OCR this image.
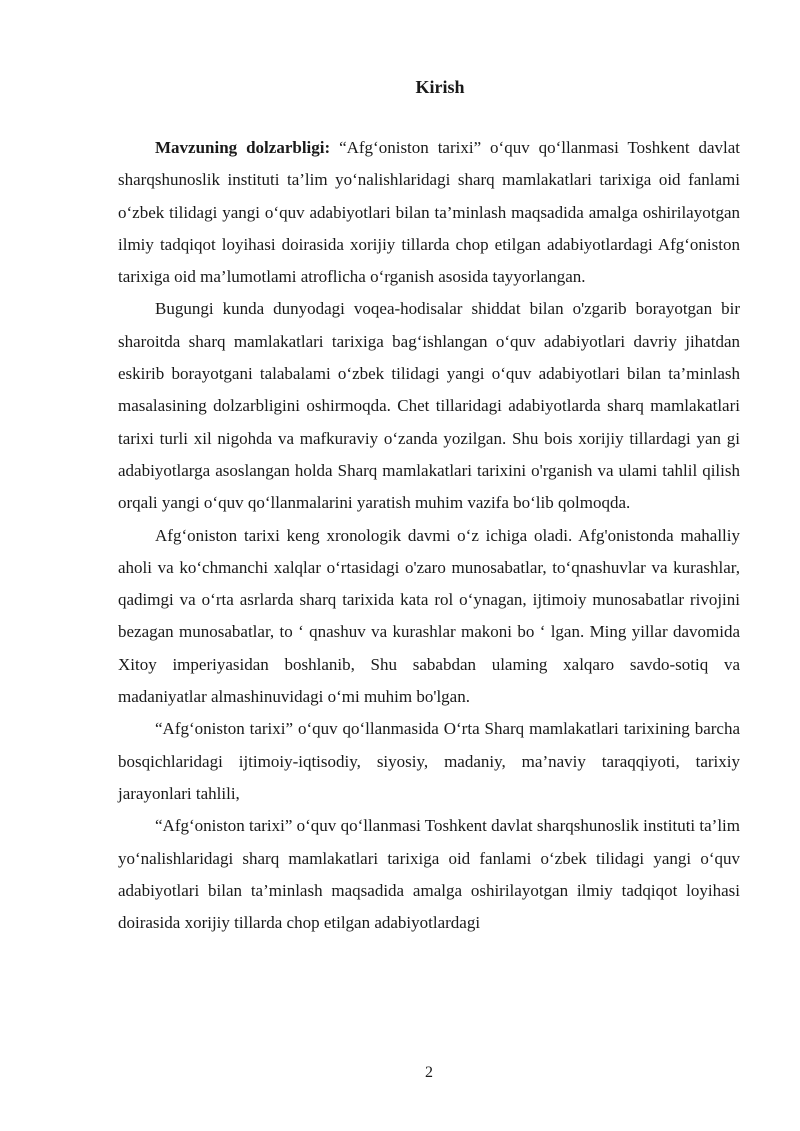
Kirish

Mavzuning dolzarbligi: “Afg‘oniston tarixi” o‘quv qo‘llanmasi Toshkent davlat sharqshunoslik instituti ta’lim yo‘nalishlaridagi sharq mamlakatlari tarixiga oid fanlami o‘zbek tilidagi yangi o‘quv adabiyotlari bilan ta’minlash maqsadida amalga oshirilayotgan ilmiy tadqiqot loyihasi doirasida xorijiy tillarda chop etilgan adabiyotlardagi Afg‘oniston tarixiga oid ma’lumotlami atroflicha o‘rganish asosida tayyorlangan.

Bugungi kunda dunyodagi voqea-hodisalar shiddat bilan o'zgarib borayotgan bir sharoitda sharq mamlakatlari tarixiga bag‘ishlangan o‘quv adabiyotlari davriy jihatdan eskirib borayotgani talabalami o‘zbek tilidagi yangi o‘quv adabiyotlari bilan ta’minlash masalasining dolzarbligini oshirmoqda. Chet tillaridagi adabiyotlarda sharq mamlakatlari tarixi turli xil nigohda va mafkuraviy o‘zanda yozilgan. Shu bois xorijiy tillardagi yan gi adabiyotlarga asoslangan holda Sharq mamlakatlari tarixini o'rganish va ulami tahlil qilish orqali yangi o‘quv qo‘llanmalarini yaratish muhim vazifa bo‘lib qolmoqda.

Afg‘oniston tarixi keng xronologik davmi o‘z ichiga oladi. Afg'onistonda mahalliy aholi va ko‘chmanchi xalqlar o‘rtasidagi o'zaro munosabatlar, to‘qnashuvlar va kurashlar, qadimgi va o‘rta asrlarda sharq tarixida kata rol o‘ynagan, ijtimoiy munosabatlar rivojini bezagan munosabatlar, to ‘ qnashuv va kurashlar makoni bo ‘ lgan. Ming yillar davomida Xitoy imperiyasidan boshlanib, Shu sababdan ulaming xalqaro savdo-sotiq va madaniyatlar almashinuvidagi o‘mi muhim bo'lgan.

“Afg‘oniston tarixi” o‘quv qo‘llanmasida O‘rta Sharq mamlakatlari tarixining barcha bosqichlaridagi ijtimoiy-iqtisodiy, siyosiy, madaniy, ma’naviy taraqqiyoti, tarixiy jarayonlari tahlili,

“Afg‘oniston tarixi” o‘quv qo‘llanmasi Toshkent davlat sharqshunoslik instituti ta’lim yo‘nalishlaridagi sharq mamlakatlari tarixiga oid fanlami o‘zbek tilidagi yangi o‘quv adabiyotlari bilan ta’minlash maqsadida amalga oshirilayotgan ilmiy tadqiqot loyihasi doirasida xorijiy tillarda chop etilgan adabiyotlardagi

2
